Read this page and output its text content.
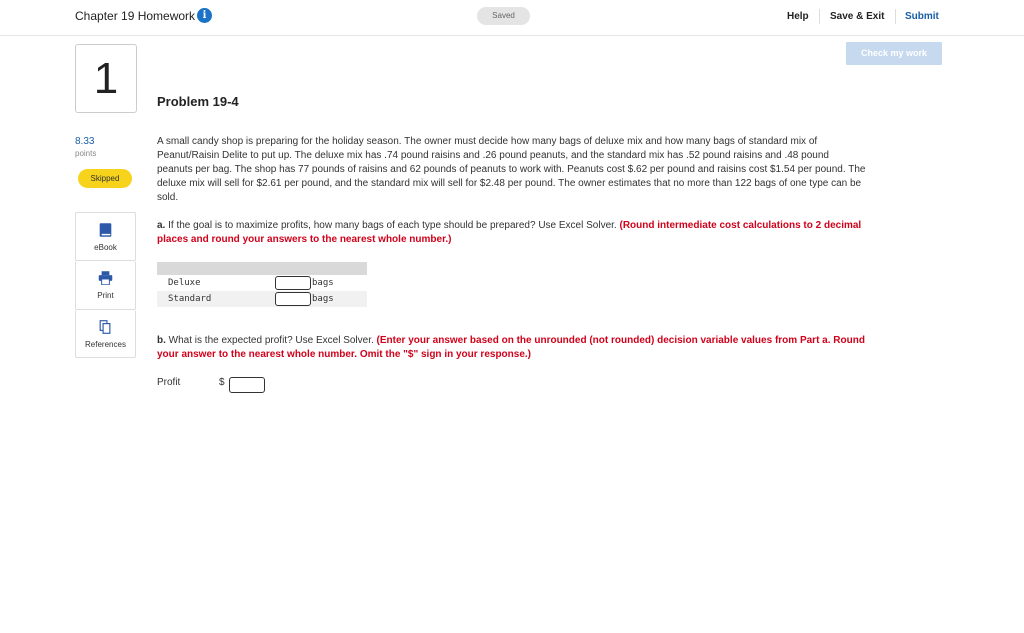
Chapter 19 Homework i	Saved	Help Save & Exit Submit
Check my work
1
8.33
points
Skipped
eBook
Print
References
Problem 19-4
A small candy shop is preparing for the holiday season. The owner must decide how many bags of deluxe mix and how many bags of standard mix of Peanut/Raisin Delite to put up. The deluxe mix has .74 pound raisins and .26 pound peanuts, and the standard mix has .52 pound raisins and .48 pound peanuts per bag. The shop has 77 pounds of raisins and 62 pounds of peanuts to work with. Peanuts cost $.62 per pound and raisins cost $1.54 per pound. The deluxe mix will sell for $2.61 per pound, and the standard mix will sell for $2.48 per pound. The owner estimates that no more than 122 bags of one type can be sold.
a. If the goal is to maximize profits, how many bags of each type should be prepared? Use Excel Solver. (Round intermediate cost calculations to 2 decimal places and round your answers to the nearest whole number.)
Deluxe	bags
Standard	bags
b. What is the expected profit? Use Excel Solver. (Enter your answer based on the unrounded (not rounded) decision variable values from Part a. Round your answer to the nearest whole number. Omit the "$" sign in your response.)
Profit	$
